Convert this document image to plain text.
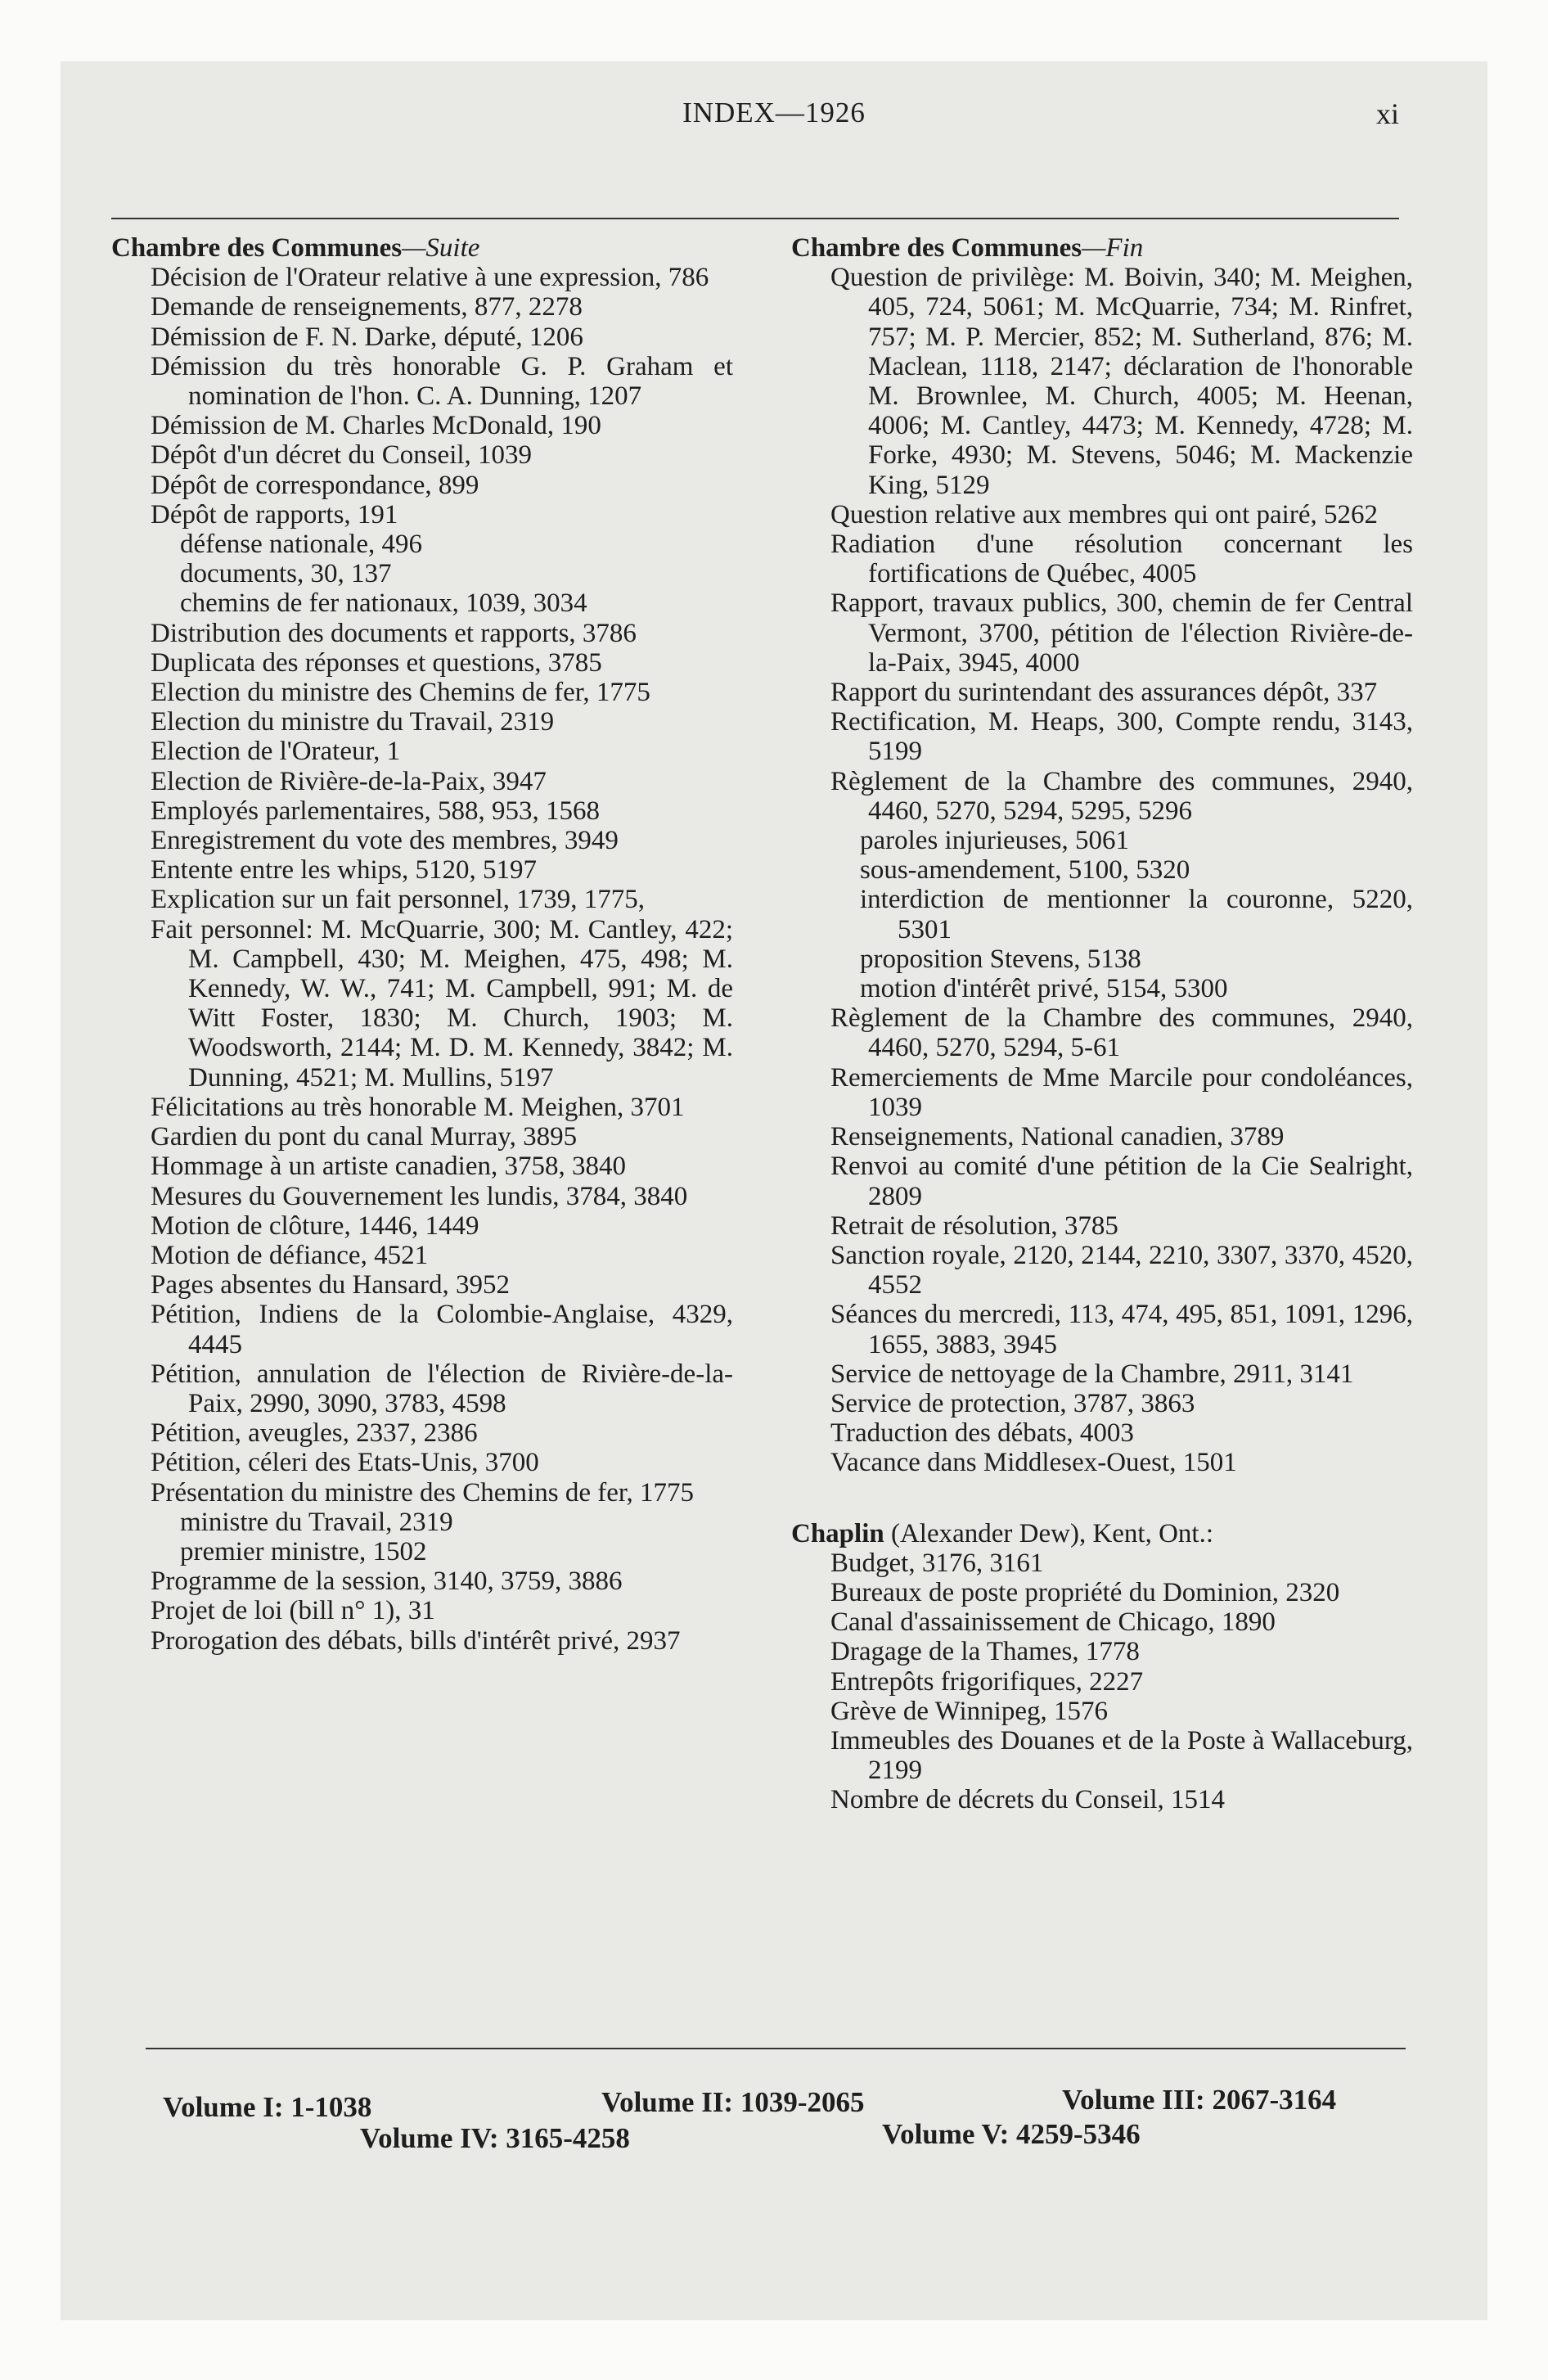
INDEX—1926	xi
Chambre des Communes—Suite
Décision de l'Orateur relative à une expression, 786
Demande de renseignements, 877, 2278
Démission de F. N. Darke, député, 1206
Démission du très honorable G. P. Graham et nomination de l'hon. C. A. Dunning, 1207
Démission de M. Charles McDonald, 190
Dépôt d'un décret du Conseil, 1039
Dépôt de correspondance, 899
Dépôt de rapports, 191
défense nationale, 496
documents, 30, 137
chemins de fer nationaux, 1039, 3034
Distribution des documents et rapports, 3786
Duplicata des réponses et questions, 3785
Election du ministre des Chemins de fer, 1775
Election du ministre du Travail, 2319
Election de l'Orateur, 1
Election de Rivière-de-la-Paix, 3947
Employés parlementaires, 588, 953, 1568
Enregistrement du vote des membres, 3949
Entente entre les whips, 5120, 5197
Explication sur un fait personnel, 1739, 1775,
Fait personnel: M. McQuarrie, 300; M. Cantley, 422; M. Campbell, 430; M. Meighen, 475, 498; M. Kennedy, W. W., 741; M. Campbell, 991; M. de Witt Foster, 1830; M. Church, 1903; M. Woodsworth, 2144; M. D. M. Kennedy, 3842; M. Dunning, 4521; M. Mullins, 5197
Félicitations au très honorable M. Meighen, 3701
Gardien du pont du canal Murray, 3895
Hommage à un artiste canadien, 3758, 3840
Mesures du Gouvernement les lundis, 3784, 3840
Motion de clôture, 1446, 1449
Motion de défiance, 4521
Pages absentes du Hansard, 3952
Pétition, Indiens de la Colombie-Anglaise, 4329, 4445
Pétition, annulation de l'élection de Rivière-de-la-Paix, 2990, 3090, 3783, 4598
Pétition, aveugles, 2337, 2386
Pétition, céleri des Etats-Unis, 3700
Présentation du ministre des Chemins de fer, 1775
ministre du Travail, 2319
premier ministre, 1502
Programme de la session, 3140, 3759, 3886
Projet de loi (bill n° 1), 31
Prorogation des débats, bills d'intérêt privé, 2937
Chambre des Communes—Fin
Question de privilège: M. Boivin, 340; M. Meighen, 405, 724, 5061; M. McQuarrie, 734; M. Rinfret, 757; M. P. Mercier, 852; M. Sutherland, 876; M. Maclean, 1118, 2147; déclaration de l'honorable M. Brownlee, M. Church, 4005; M. Heenan, 4006; M. Cantley, 4473; M. Kennedy, 4728; M. Forke, 4930; M. Stevens, 5046; M. Mackenzie King, 5129
Question relative aux membres qui ont pairé, 5262
Radiation d'une résolution concernant les fortifications de Québec, 4005
Rapport, travaux publics, 300, chemin de fer Central Vermont, 3700, pétition de l'élection Rivière-de-la-Paix, 3945, 4000
Rapport du surintendant des assurances dépôt, 337
Rectification, M. Heaps, 300, Compte rendu, 3143, 5199
Règlement de la Chambre des communes, 2940, 4460, 5270, 5294, 5295, 5296
paroles injurieuses, 5061
sous-amendement, 5100, 5320
interdiction de mentionner la couronne, 5220, 5301
proposition Stevens, 5138
motion d'intérêt privé, 5154, 5300
Règlement de la Chambre des communes, 2940, 4460, 5270, 5294, 5-61
Remerciements de Mme Marcile pour condoléances, 1039
Renseignements, National canadien, 3789
Renvoi au comité d'une pétition de la Cie Sealright, 2809
Retrait de résolution, 3785
Sanction royale, 2120, 2144, 2210, 3307, 3370, 4520, 4552
Séances du mercredi, 113, 474, 495, 851, 1091, 1296, 1655, 3883, 3945
Service de nettoyage de la Chambre, 2911, 3141
Service de protection, 3787, 3863
Traduction des débats, 4003
Vacance dans Middlesex-Ouest, 1501
Chaplin (Alexander Dew), Kent, Ont.:
Budget, 3176, 3161
Bureaux de poste propriété du Dominion, 2320
Canal d'assainissement de Chicago, 1890
Dragage de la Thames, 1778
Entrepôts frigorifiques, 2227
Grève de Winnipeg, 1576
Immeubles des Douanes et de la Poste à Wallaceburg, 2199
Nombre de décrets du Conseil, 1514
Volume I: 1-1038	Volume II: 1039-2065	Volume III: 2067-3164
Volume IV: 3165-4258	Volume V: 4259-5346
